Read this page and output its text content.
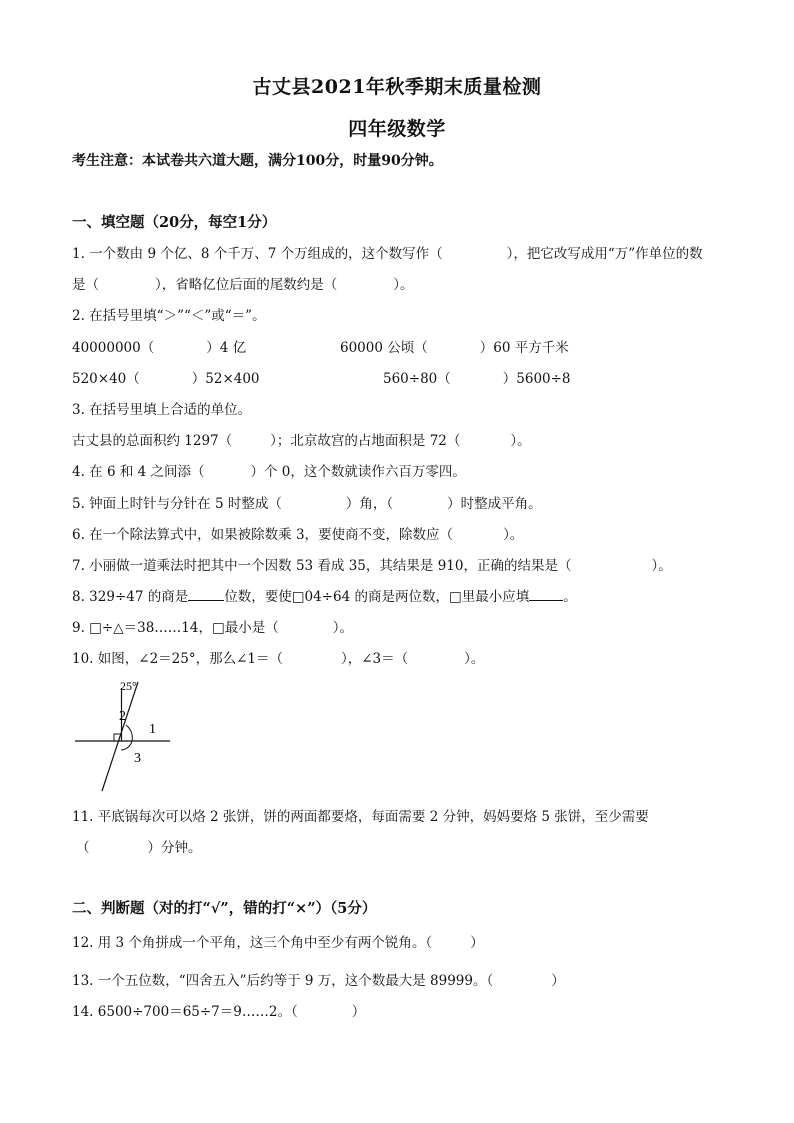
古丈县2021年秋季期末质量检测
四年级数学
考生注意：本试卷共六道大题，满分100分，时量90分钟。
一、填空题（20分，每空1分）
1. 一个数由 9 个亿、8 个千万、7 个万组成的，这个数写作（	），把它改写成用“万”作单位的数
是（	），省略亿位后面的尾数约是（	）。
2. 在括号里填“＞”“＜”或“＝”。
40000000（	）4 亿	60000 公顷（	）60 平方千米
520×40（	）52×400	560÷80（	）5600÷8
3. 在括号里填上合适的单位。
古丈县的总面积约 1297（	）；北京故宫的占地面积是 72（	）。
4. 在 6 和 4 之间添（	）个 0，这个数就读作六百万零四。
5. 钟面上时针与分针在 5 时整成（	）角，（	）时整成平角。
6. 在一个除法算式中，如果被除数乘 3，要使商不变，除数应（	）。
7. 小丽做一道乘法时把其中一个因数 53 看成 35，其结果是 910，正确的结果是（	）。
8. 329÷47 的商是	位数，要使□04÷64 的商是两位数，□里最小应填	。
9. □÷△＝38……14，□最小是（	）。
10. 如图，∠2＝25°，那么∠1＝（	），∠3＝（	）。
25°
2
1
3
11. 平底锅每次可以烙 2 张饼，饼的两面都要烙，每面需要 2 分钟，妈妈要烙 5 张饼，至少需要
（	）分钟。
二、判断题（对的打“√”，错的打“×”）（5分）
12. 用 3 个角拼成一个平角，这三个角中至少有两个锐角。（	）
13. 一个五位数，“四舍五入”后约等于 9 万，这个数最大是 89999。（	）
14. 6500÷700＝65÷7＝9……2。（	）
